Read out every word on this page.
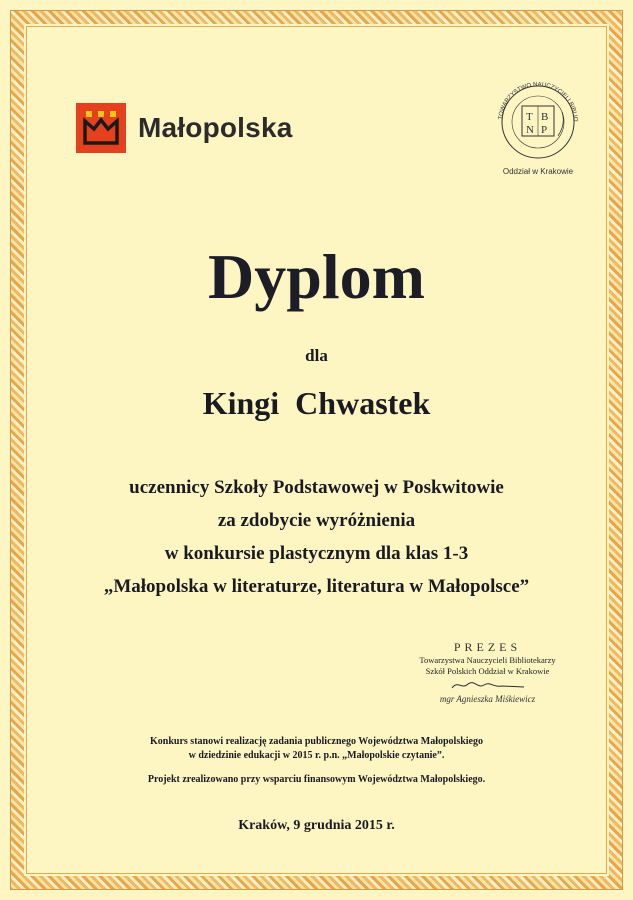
Małopolska	TOWARZYSTWO NAUCZYCIELI BIBLIO
T B
N P
Oddział w Krakowie
Dyplom
dla
Kingi Chwastek
uczennicy Szkoły Podstawowej w Poskwitowie
za zdobycie wyróżnienia
w konkursie plastycznym dla klas 1-3
„Małopolska w literaturze, literatura w Małopolsce”
PREZES
Towarzystwa Nauczycieli Bibliotekarzy
Szkół Polskich Oddział w Krakowie
mgr Agnieszka Miśkiewicz
Konkurs stanowi realizację zadania publicznego Województwa Małopolskiego
w dziedzinie edukacji w 2015 r. p.n. „Małopolskie czytanie”.
Projekt zrealizowano przy wsparciu finansowym Województwa Małopolskiego.
Kraków, 9 grudnia 2015 r.
